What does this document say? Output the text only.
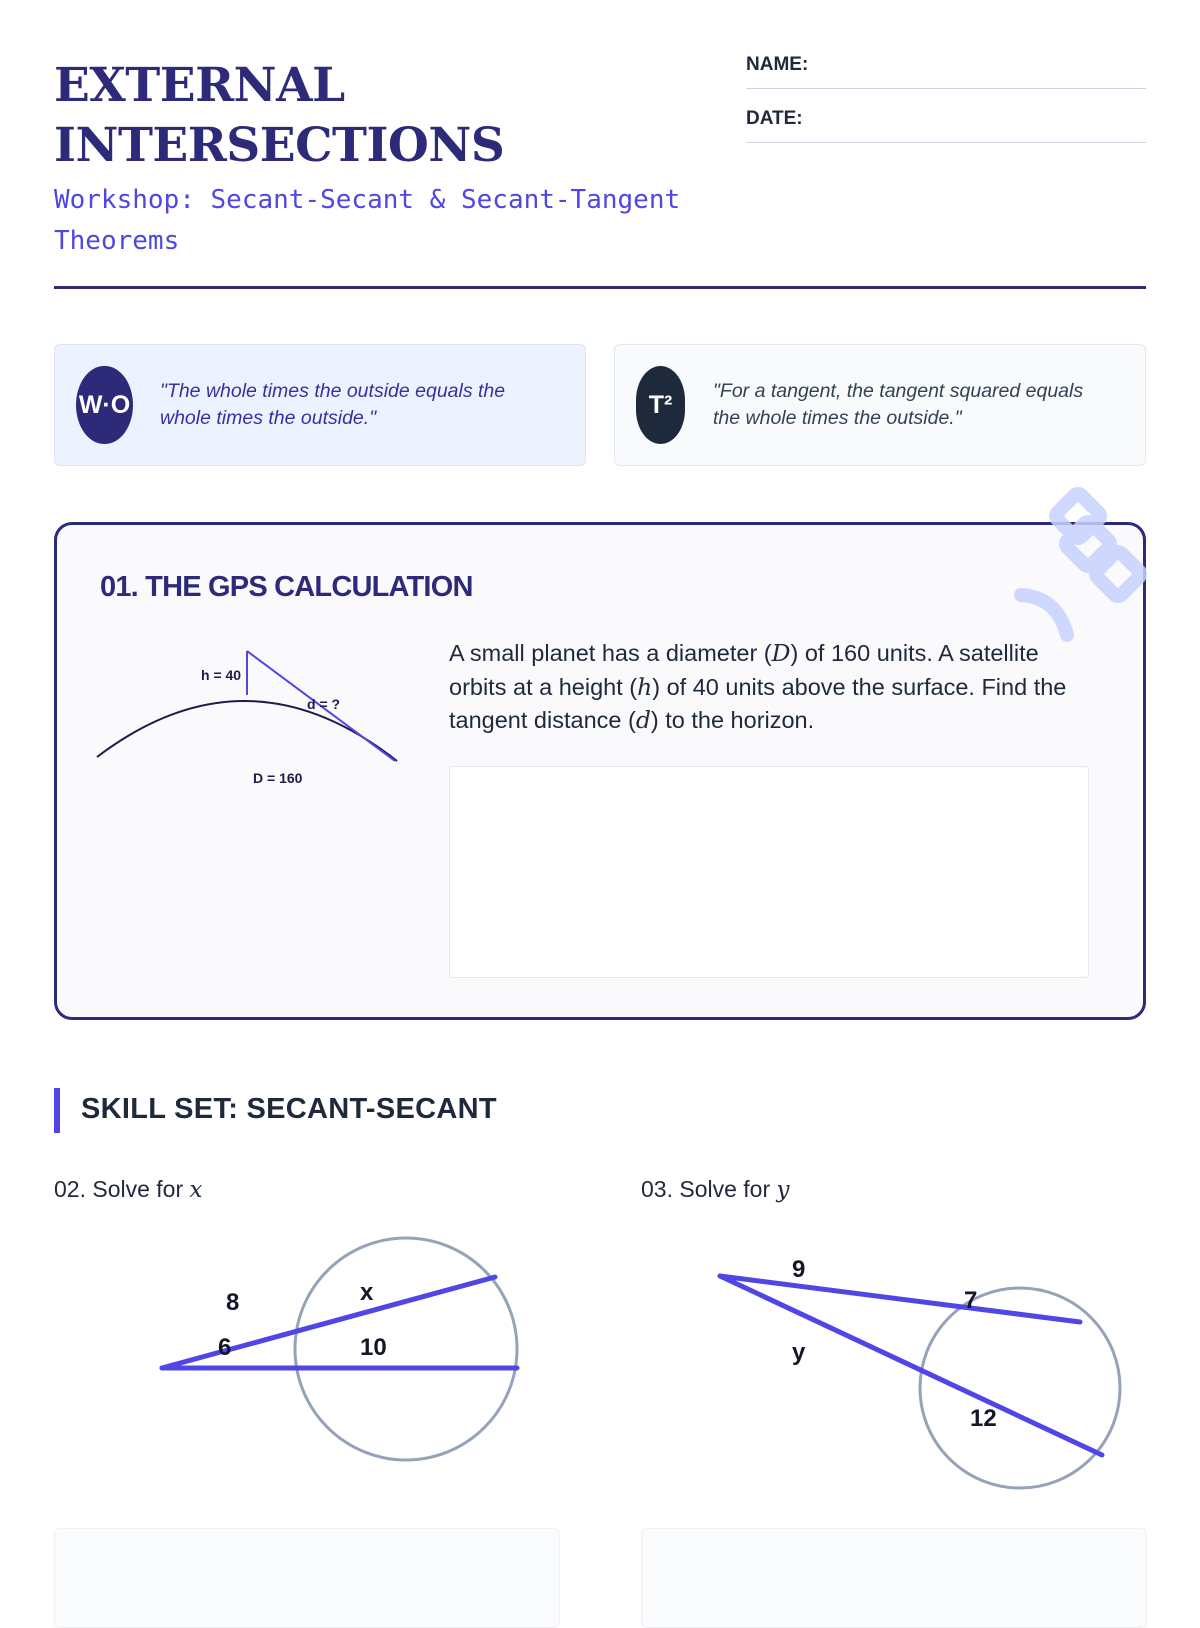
EXTERNAL INTERSECTIONS
Workshop: Secant-Secant & Secant-Tangent Theorems
NAME:
DATE:
W·O "The whole times the outside equals the whole times the outside."	T²	"For a tangent, the tangent squared equals the whole times the outside."
01. THE GPS CALCULATION
h = 40
d = ?
D = 160
A small planet has a diameter (D) of 160 units. A satellite orbits at a height (h) of 40 units above the surface. Find the tangent distance (d) to the horizon.
SKILL SET: SECANT-SECANT
02. Solve for x	03. Solve for y
8
6
x
10
9
7
y
12
